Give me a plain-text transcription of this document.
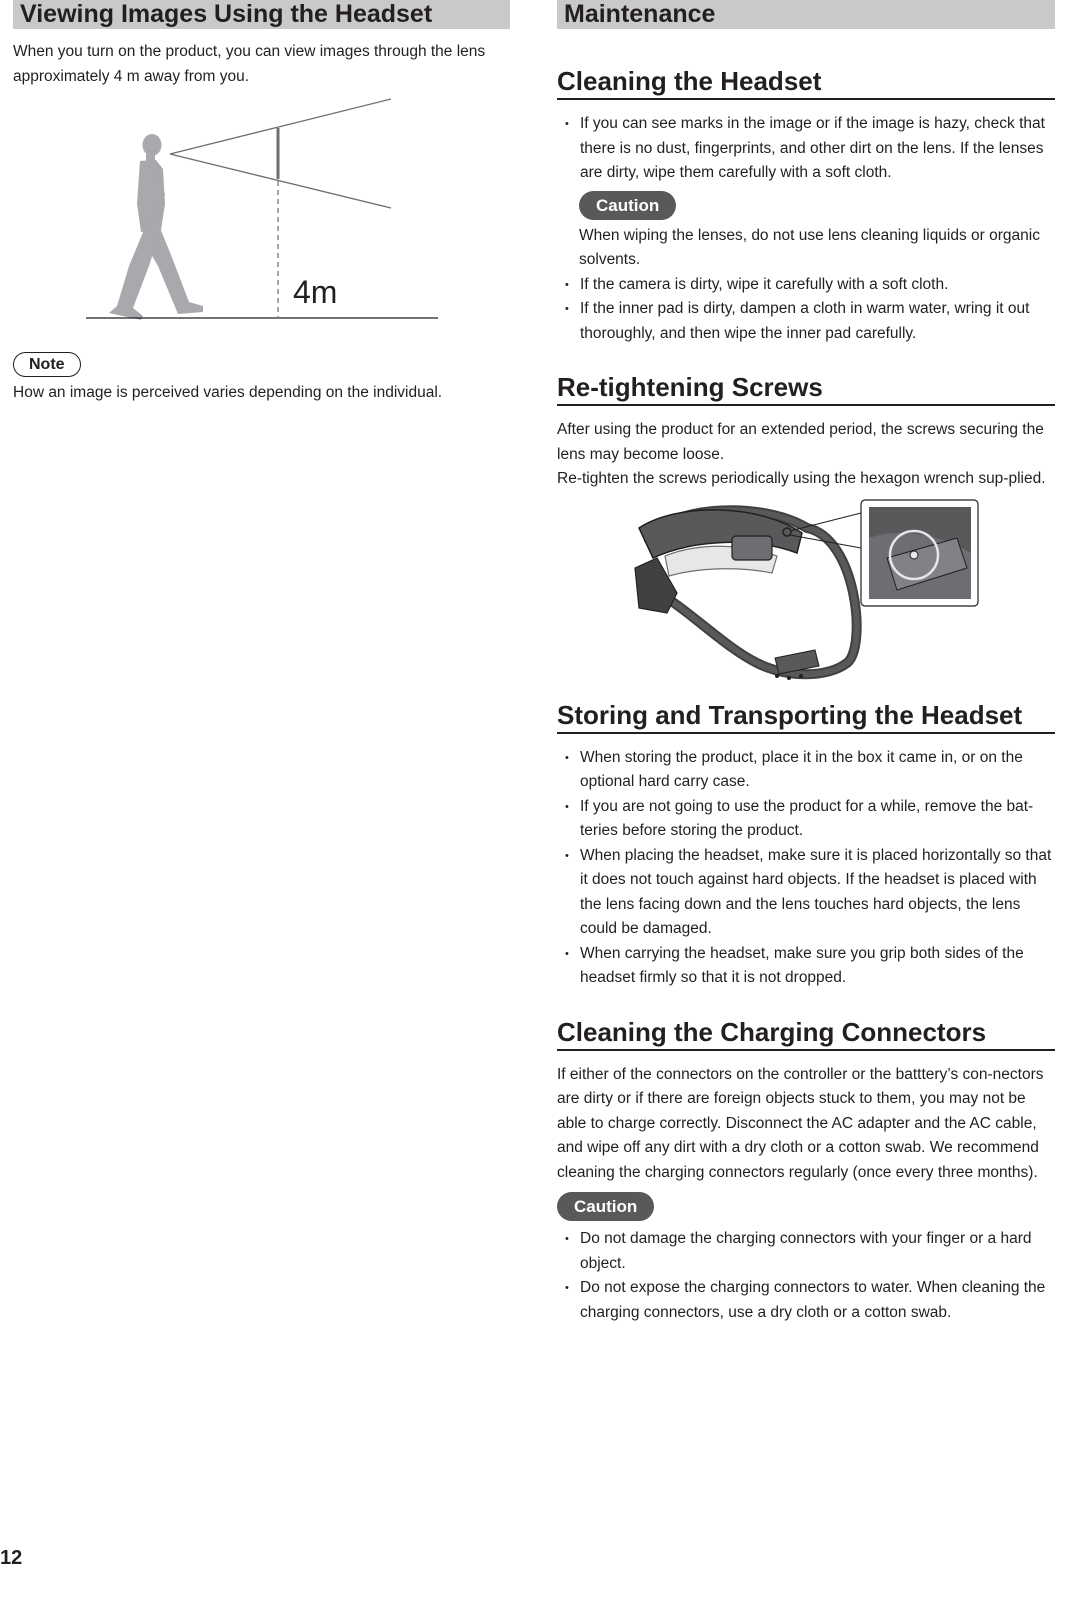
Viewing Images Using the Headset

When you turn on the product, you can view images through the lens approximately 4 m away from you.

4m
Note

How an image is perceived varies depending on the individual.

Maintenance
Cleaning the Headset
• If you can see marks in the image or if the image is hazy, check that there is no dust, fingerprints, and other dirt on the lens. If the lenses are dirty, wipe them carefully with a soft cloth.
Caution

When wiping the lenses, do not use lens cleaning liquids or organic solvents.

• If the camera is dirty, wipe it carefully with a soft cloth.
• If the inner pad is dirty, dampen a cloth in warm water, wring it out thoroughly, and then wipe the inner pad carefully.
Re-tightening Screws

After using the product for an extended period, the screws securing the lens may become loose.

Re-tighten the screws periodically using the hexagon wrench sup-plied.

Storing and Transporting the Headset
• When storing the product, place it in the box it came in, or on the optional hard carry case.
• If you are not going to use the product for a while, remove the bat-teries before storing the product.
• When placing the headset, make sure it is placed horizontally so that it does not touch against hard objects. If the headset is placed with the lens facing down and the lens touches hard objects, the lens could be damaged.
• When carrying the headset, make sure you grip both sides of the headset firmly so that it is not dropped.
Cleaning the Charging Connectors

If either of the connectors on the controller or the batttery’s con-nectors are dirty or if there are foreign objects stuck to them, you may not be able to charge correctly. Disconnect the AC adapter and the AC cable, and wipe off any dirt with a dry cloth or a cotton swab. We recommend cleaning the charging connectors regularly (once every three months).

Caution
• Do not damage the charging connectors with your finger or a hard object.
• Do not expose the charging connectors to water. When cleaning the charging connectors, use a dry cloth or a cotton swab.
12
